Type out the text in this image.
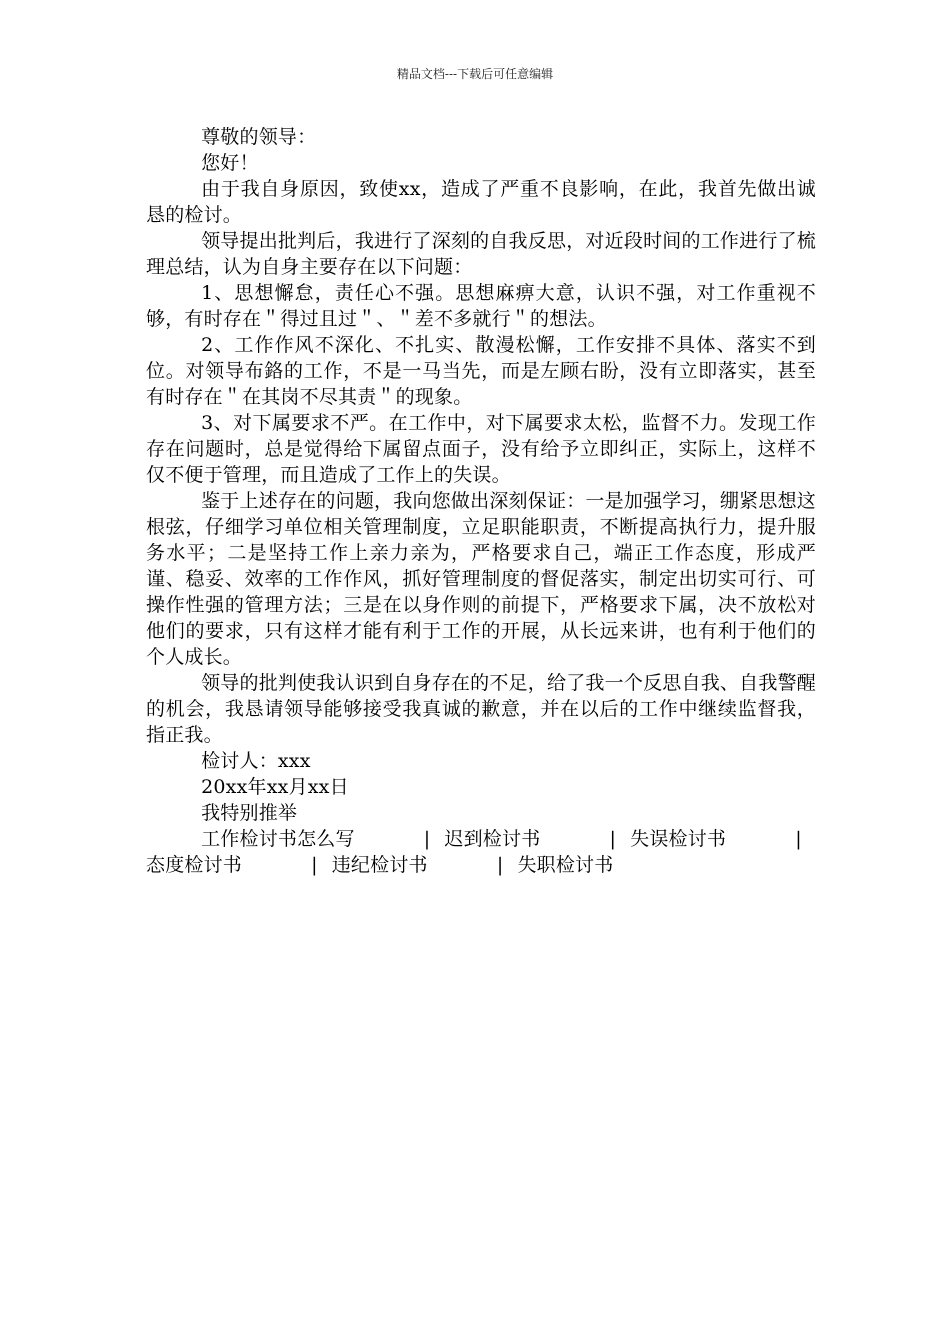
精品文档---下载后可任意编辑

尊敬的领导：

您好！

由于我自身原因，致使xx，造成了严重不良影响，在此，我首先做出诚恳的检讨。

领导提出批判后，我进行了深刻的自我反思，对近段时间的工作进行了梳理总结，认为自身主要存在以下问题：

1、思想懈怠，责任心不强。思想麻痹大意，认识不强，对工作重视不够，有时存在＂得过且过＂、＂差不多就行＂的想法。

2、工作作风不深化、不扎实、散漫松懈，工作安排不具体、落实不到位。对领导布鉻的工作，不是一马当先，而是左顾右盼，没有立即落实，甚至有时存在＂在其岗不尽其责＂的现象。

3、对下属要求不严。在工作中，对下属要求太松，监督不力。发现工作存在问题时，总是觉得给下属留点面子，没有给予立即纠正，实际上，这样不仅不便于管理，而且造成了工作上的失误。

鉴于上述存在的问题，我向您做出深刻保证：一是加强学习，绷紧思想这根弦，仔细学习单位相关管理制度，立足职能职责，不断提高执行力，提升服务水平；二是坚持工作上亲力亲为，严格要求自己，端正工作态度，形成严谨、稳妥、效率的工作作风，抓好管理制度的督促落实，制定出切实可行、可操作性强的管理方法；三是在以身作则的前提下，严格要求下属，决不放松对他们的要求，只有这样才能有利于工作的开展，从长远来讲，也有利于他们的个人成长。

领导的批判使我认识到自身存在的不足，给了我一个反思自我、自我警醒的机会，我恳请领导能够接受我真诚的歉意，并在以后的工作中继续监督我，指正我。

检讨人：xxx

20xx年xx月xx日

我特别推举

工作检讨书怎么写	| 迟到检讨书	| 失误检讨书	|态度检讨书	| 违纪检讨书	| 失职检讨书
